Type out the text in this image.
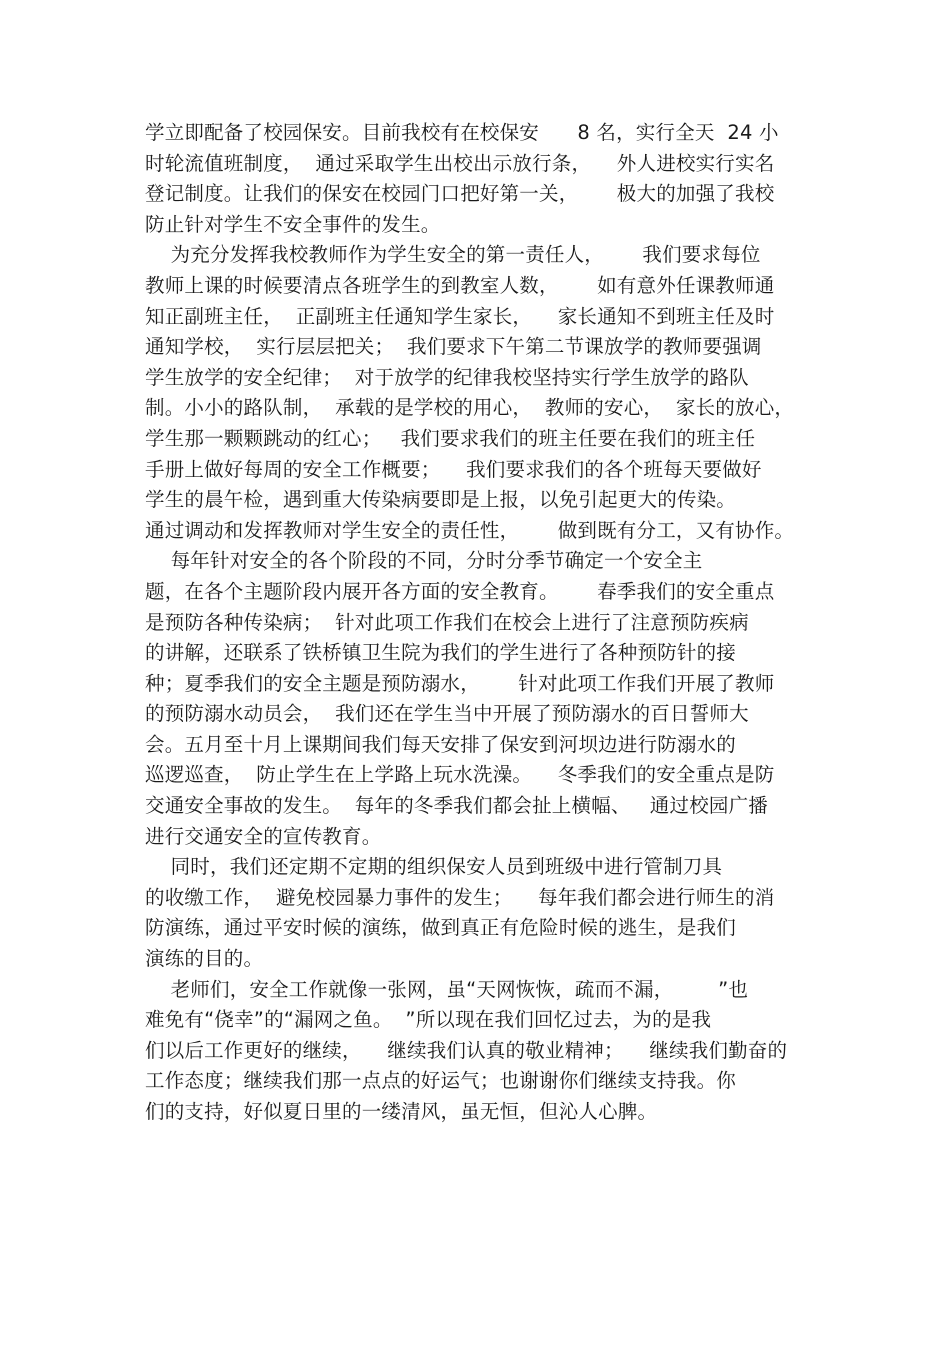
学立即配备了校园保安。目前我校有在校保安      8 名，实行全天  24 小
时轮流值班制度，  通过采取学生出校出示放行条，    外人进校实行实名
登记制度。让我们的保安在校园门口把好第一关，      极大的加强了我校
防止针对学生不安全事件的发生。
为充分发挥我校教师作为学生安全的第一责任人，      我们要求每位
教师上课的时候要清点各班学生的到教室人数，      如有意外任课教师通
知正副班主任，  正副班主任通知学生家长，    家长通知不到班主任及时
通知学校，  实行层层把关；  我们要求下午第二节课放学的教师要强调
学生放学的安全纪律；  对于放学的纪律我校坚持实行学生放学的路队
制。小小的路队制，  承载的是学校的用心，  教师的安心，  家长的放心，
学生那一颗颗跳动的红心；   我们要求我们的班主任要在我们的班主任
手册上做好每周的安全工作概要；    我们要求我们的各个班每天要做好
学生的晨午检，遇到重大传染病要即是上报，以免引起更大的传染。
通过调动和发挥教师对学生安全的责任性，      做到既有分工，又有协作。
每年针对安全的各个阶段的不同，分时分季节确定一个安全主
题，在各个主题阶段内展开各方面的安全教育。      春季我们的安全重点
是预防各种传染病；  针对此项工作我们在校会上进行了注意预防疾病
的讲解，还联系了铁桥镇卫生院为我们的学生进行了各种预防针的接
种；夏季我们的安全主题是预防溺水，      针对此项工作我们开展了教师
的预防溺水动员会，  我们还在学生当中开展了预防溺水的百日誓师大
会。五月至十月上课期间我们每天安排了保安到河坝边进行防溺水的
巡逻巡查，  防止学生在上学路上玩水洗澡。    冬季我们的安全重点是防
交通安全事故的发生。  每年的冬季我们都会扯上横幅、   通过校园广播
进行交通安全的宣传教育。
同时，我们还定期不定期的组织保安人员到班级中进行管制刀具
的收缴工作，  避免校园暴力事件的发生；    每年我们都会进行师生的消
防演练，通过平安时候的演练，做到真正有危险时候的逃生，是我们
演练的目的。
老师们，安全工作就像一张网，虽“天网恢恢，疏而不漏，       ”也
难免有“侥幸”的“漏网之鱼。  ”所以现在我们回忆过去，为的是我
们以后工作更好的继续，    继续我们认真的敬业精神；    继续我们勤奋的
工作态度；继续我们那一点点的好运气；也谢谢你们继续支持我。你
们的支持，好似夏日里的一缕清风，虽无恒，但沁人心脾。
